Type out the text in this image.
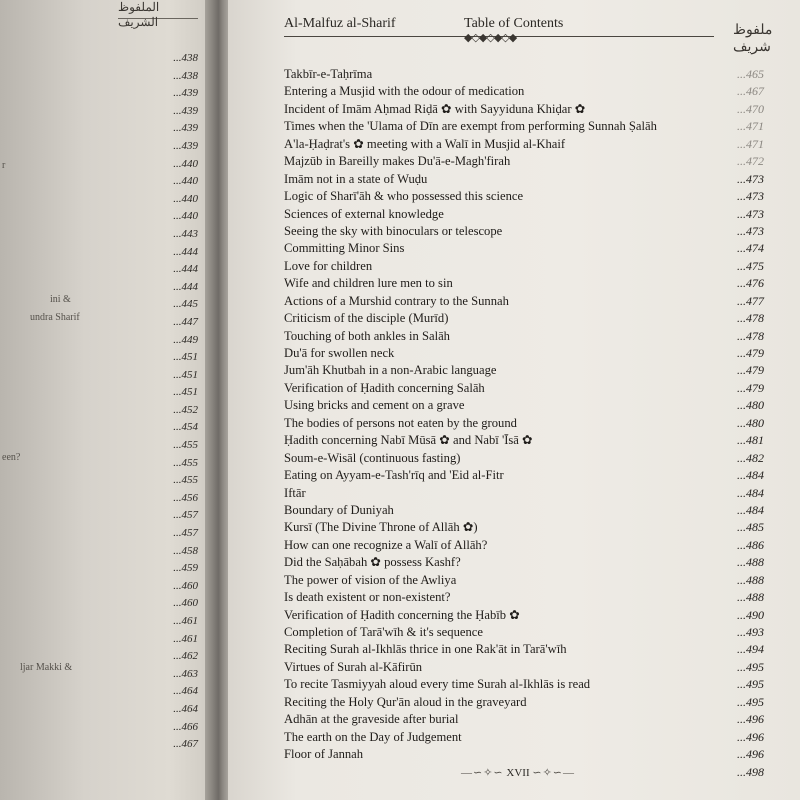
الملفوظ الشريف
...438
...438
...439
...439
...439
...439
...440
...440
...440
...440
...443
...444
...444
...444
...445
...447
...449
...451
...451
...451
...452
...454
...455
...455
...455
...456
...457
...457
...458
...459
...460
...460
...461
...461
...462
...463
...464
...464
...466
...467
r
ini &
undra Sharif
een?
ljar Makki &
Al-Malfuz al-Sharif	Table of Contents
◆◇◆◇◆◇◆	ملفوظ شریف
Takbīr-e-Taḥrīma	...465
Entering a Musjid with the odour of medication	...467
Incident of Imām Aḥmad Riḍā ✿ with Sayyiduna Khiḍar ✿	...470
Times when the 'Ulama of Dīn are exempt from performing Sunnah Ṣalāh	...471
A'la-Ḥaḍrat's ✿ meeting with a Walī in Musjid al-Khaif	...471
Majzūb in Bareilly makes Du'ā-e-Magh'firah	...472
Imām not in a state of Wuḍu	...473
Logic of Sharī'āh & who possessed this science	...473
Sciences of external knowledge	...473
Seeing the sky with binoculars or telescope	...473
Committing Minor Sins	...474
Love for children	...475
Wife and children lure men to sin	...476
Actions of a Murshid contrary to the Sunnah	...477
Criticism of the disciple (Murīd)	...478
Touching of both ankles in Salāh	...478
Du'ā for swollen neck	...479
Jum'āh Khutbah in a non-Arabic language	...479
Verification of Ḥadith concerning Salāh	...479
Using bricks and cement on a grave	...480
The bodies of persons not eaten by the ground	...480
Ḥadith concerning Nabī Mūsā ✿ and Nabī 'Īsā ✿	...481
Soum-e-Wisāl (continuous fasting)	...482
Eating on Ayyam-e-Tash'rīq and 'Eid al-Fitr	...484
Iftār	...484
Boundary of Duniyah	...484
Kursī (The Divine Throne of Allāh ✿)	...485
How can one recognize a Walī of Allāh?	...486
Did the Saḥābah ✿ possess Kashf?	...488
The power of vision of the Awliya	...488
Is death existent or non-existent?	...488
Verification of Ḥadith concerning the Ḥabīb ✿	...490
Completion of Tarā'wīh & it's sequence	...493
Reciting Surah al-Ikhlās thrice in one Rak'āt in Tarā'wīh	...494
Virtues of Surah al-Kāfirūn	...495
To recite Tasmiyyah aloud every time Surah al-Ikhlās is read	...495
Reciting the Holy Qur'ān aloud in the graveyard	...495
Adhān at the graveside after burial	...496
The earth on the Day of Judgement	...496
Floor of Jannah	...496
...498
—∽✧∽ XVII ∽✧∽—
